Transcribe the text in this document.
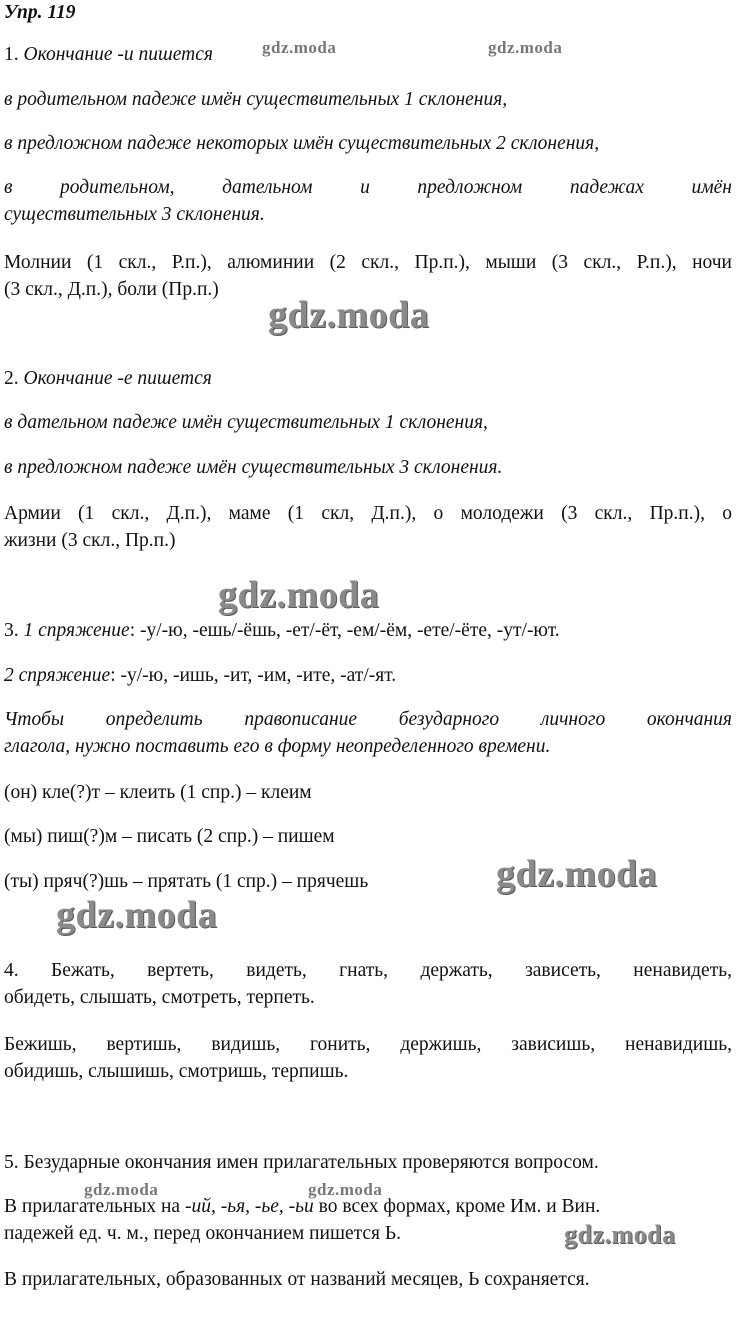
Упр. 119
1. Окончание -и пишется
в родительном падеже имён существительных 1 склонения,
в предложном падеже некоторых имён существительных 2 склонения,
в родительном, дательном и предложном падежах имён
существительных 3 склонения.
Молнии (1 скл., Р.п.), алюминии (2 скл., Пр.п.), мыши (3 скл., Р.п.), ночи
(3 скл., Д.п.), боли (Пр.п.)
2. Окончание -е пишется
в дательном падеже имён существительных 1 склонения,
в предложном падеже имён существительных 3 склонения.
Армии (1 скл., Д.п.), маме (1 скл, Д.п.), о молодежи (3 скл., Пр.п.), о
жизни (3 скл., Пр.п.)
3. 1 спряжение: -у/-ю, -ешь/-ёшь, -ет/-ёт, -ем/-ём, -ете/-ёте, -ут/-ют.
2 спряжение: -у/-ю, -ишь, -ит, -им, -ите, -ат/-ят.
Чтобы определить правописание безударного личного окончания
глагола, нужно поставить его в форму неопределенного времени.
(он) кле(?)т – клеить (1 спр.) – клеим
(мы) пиш(?)м – писать (2 спр.) – пишем
(ты) пряч(?)шь – прятать (1 спр.) – прячешь
4. Бежать, вертеть, видеть, гнать, держать, зависеть, ненавидеть,
обидеть, слышать, смотреть, терпеть.
Бежишь, вертишь, видишь, гонить, держишь, зависишь, ненавидишь,
обидишь, слышишь, смотришь, терпишь.
5. Безударные окончания имен прилагательных проверяются вопросом.
В прилагательных на -ий, -ья, -ье, -ьи во всех формах, кроме Им. и Вин.
падежей ед. ч. м., перед окончанием пишется Ь.
В прилагательных, образованных от названий месяцев, Ь сохраняется.
gdz.moda	gdz.moda
gdz.moda
gdz.moda
gdz.moda
gdz.moda
gdz.moda	gdz.moda
gdz.moda
